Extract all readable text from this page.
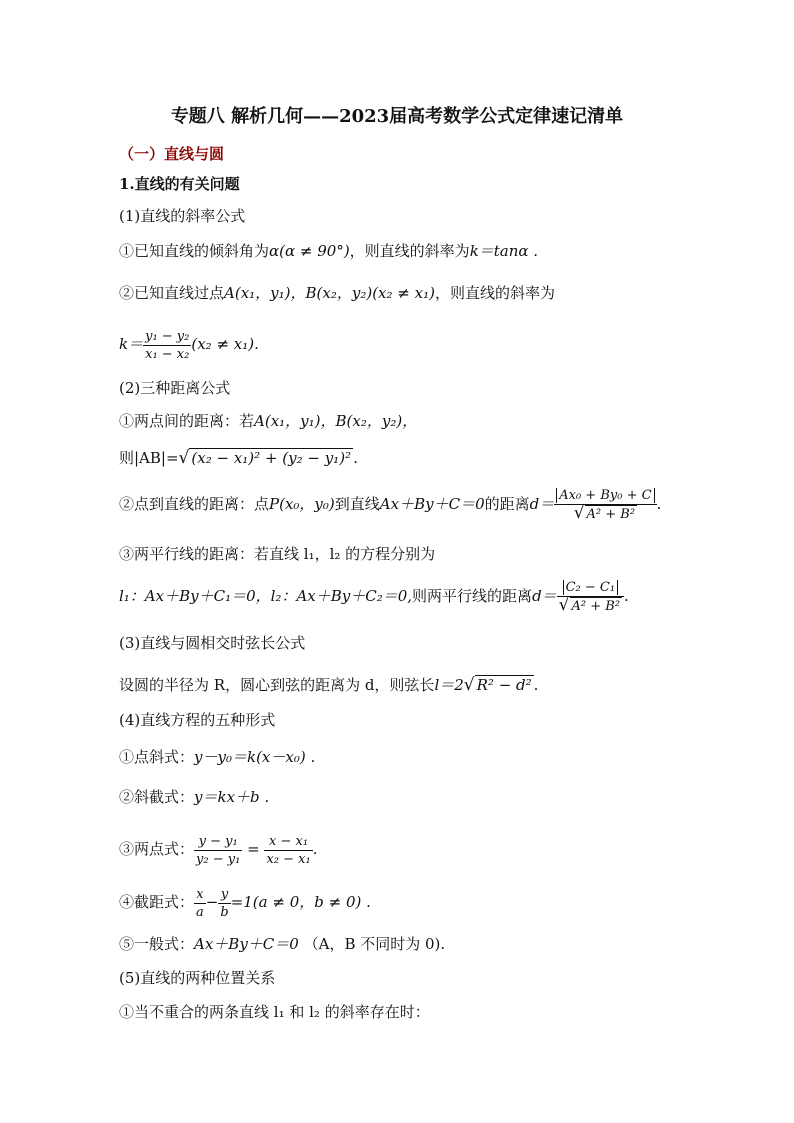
专题八 解析几何——2023届高考数学公式定律速记清单
（一）直线与圆
1.直线的有关问题
(1)直线的斜率公式
①已知直线的倾斜角为α(α ≠ 90°)，则直线的斜率为k＝tanα .
②已知直线过点A(x₁，y₁)，B(x₂，y₂)(x₂ ≠ x₁)，则直线的斜率为
$k= \frac{\text{y₁ − y₂}}{\text{x₁ − x₂}} (x_2 \ne x_1)$.
(2)三种距离公式
①两点间的距离：若A(x₁，y₁)，B(x₂，y₂)，
则|AB|=√ (x₂ − x₁)² + (y₂ − y₁)² .
②点到直线的距离：点P(x₀，y₀)到直线Ax＋By＋C＝0的距离$d= \frac{\text{Ax₀ + By₀ + C}}{\text{√ A² + B²}}$ .
③两平行线的距离：若直线 l₁，l₂ 的方程分别为
l₁：Ax＋By＋C₁＝0，l₂：Ax＋By＋C₂＝0,则两平行线的距离$d= \frac{\text{C₂ − C₁}}{\text{√ A² + B²}}$ .
(3)直线与圆相交时弦长公式
设圆的半径为 R，圆心到弦的距离为 d，则弦长l＝2√ R² − d² .
(4)直线方程的五种形式
①点斜式：y－y₀＝k(x－x₀) .
②斜截式：y＝kx＋b .
③两点式： $\frac{\text{y − y₁}}{\text{y₂ − y₁}} = \frac{\text{x − x₁}}{\text{x₂ − x₁}}$ .
④截距式： $\frac{x}{a} - \frac{y}{b} =1(a \ne 0$，b ≠ 0) .
⑤一般式：Ax＋By＋C＝0 （A，B 不同时为 0).
(5)直线的两种位置关系
①当不重合的两条直线 l₁ 和 l₂ 的斜率存在时：
